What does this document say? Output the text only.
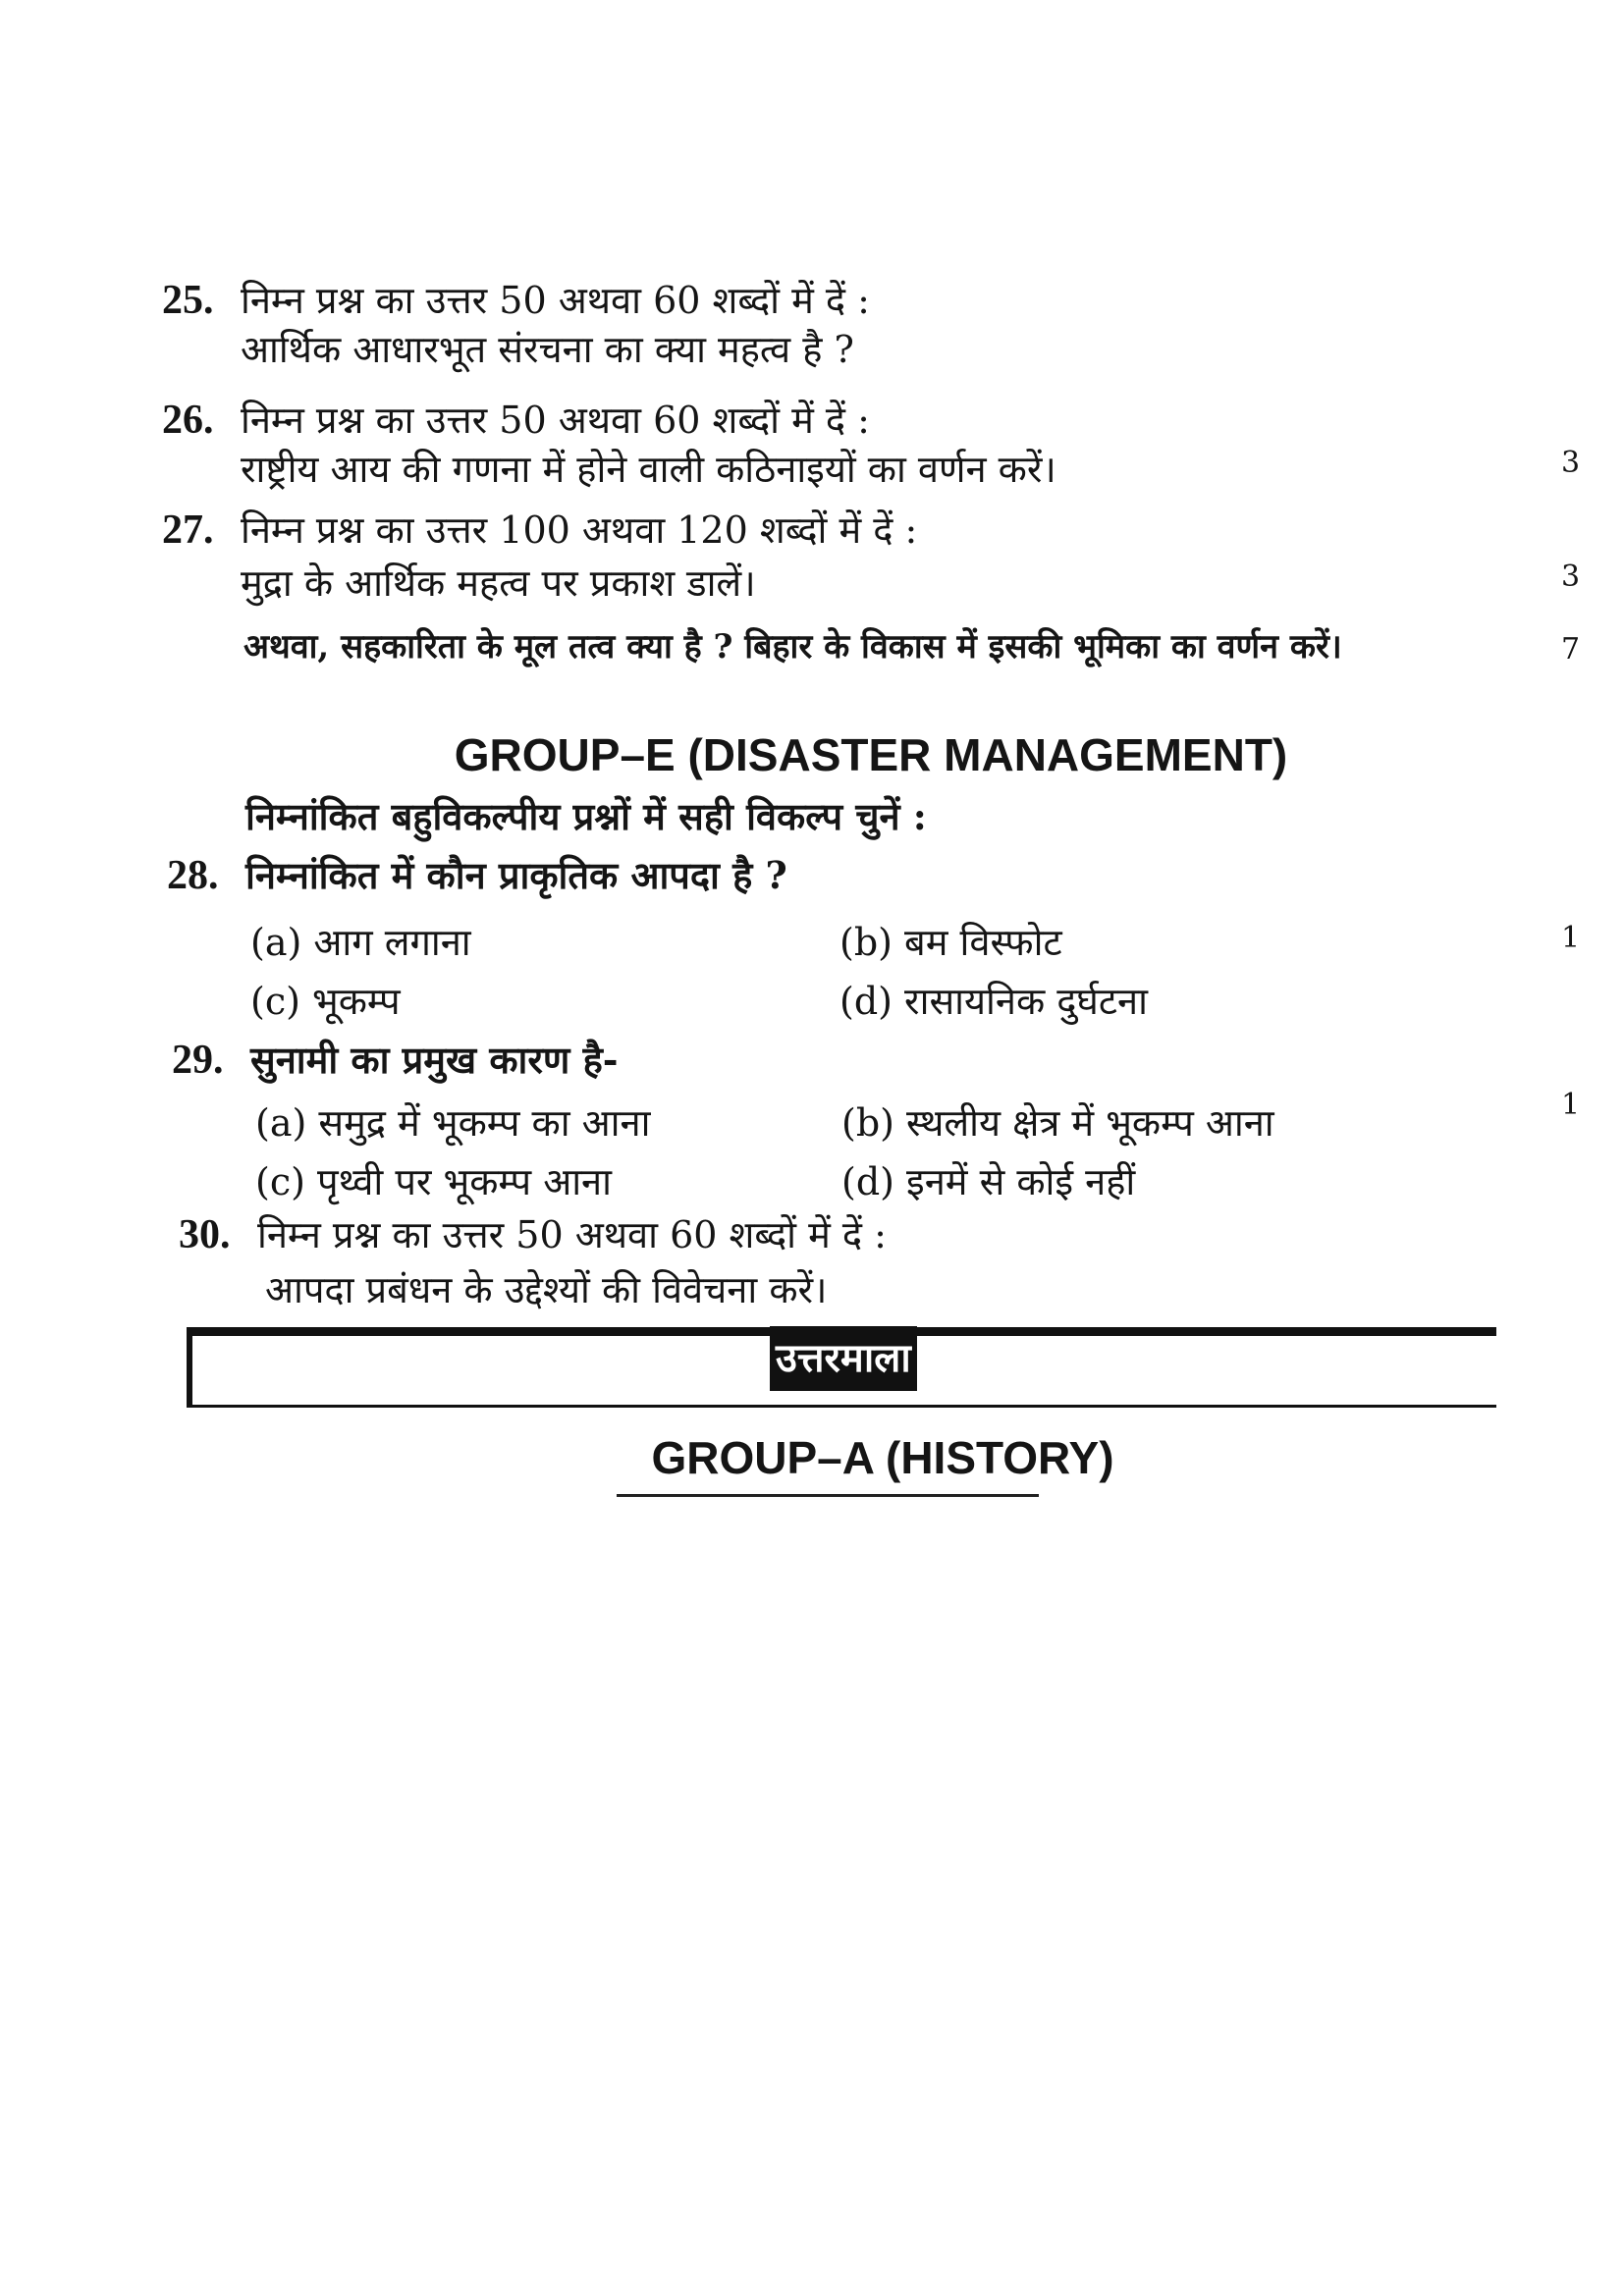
25. निम्न प्रश्न का उत्तर 50 अथवा 60 शब्दों में दें :
आर्थिक आधारभूत संरचना का क्या महत्व है ?
26. निम्न प्रश्न का उत्तर 50 अथवा 60 शब्दों में दें :
राष्ट्रीय आय की गणना में होने वाली कठिनाइयों का वर्णन करें।	3
27. निम्न प्रश्न का उत्तर 100 अथवा 120 शब्दों में दें :
मुद्रा के आर्थिक महत्व पर प्रकाश डालें।	3
अथवा, सहकारिता के मूल तत्व क्या है ? बिहार के विकास में इसकी भूमिका का वर्णन करें।	7
GROUP–E (DISASTER MANAGEMENT)
निम्नांकित बहुविकल्पीय प्रश्नों में सही विकल्प चुनें :
28. निम्नांकित में कौन प्राकृतिक आपदा है ?
(a) आग लगाना	(b) बम विस्फोट
(c) भूकम्प	(d) रासायनिक दुर्घटना
1
29. सुनामी का प्रमुख कारण है-
(a) समुद्र में भूकम्प का आना	(b) स्थलीय क्षेत्र में भूकम्प आना
(c) पृथ्वी पर भूकम्प आना	(d) इनमें से कोई नहीं
1
30. निम्न प्रश्न का उत्तर 50 अथवा 60 शब्दों में दें :
आपदा प्रबंधन के उद्देश्यों की विवेचना करें।
उत्तरमाला
GROUP–A (HISTORY)
